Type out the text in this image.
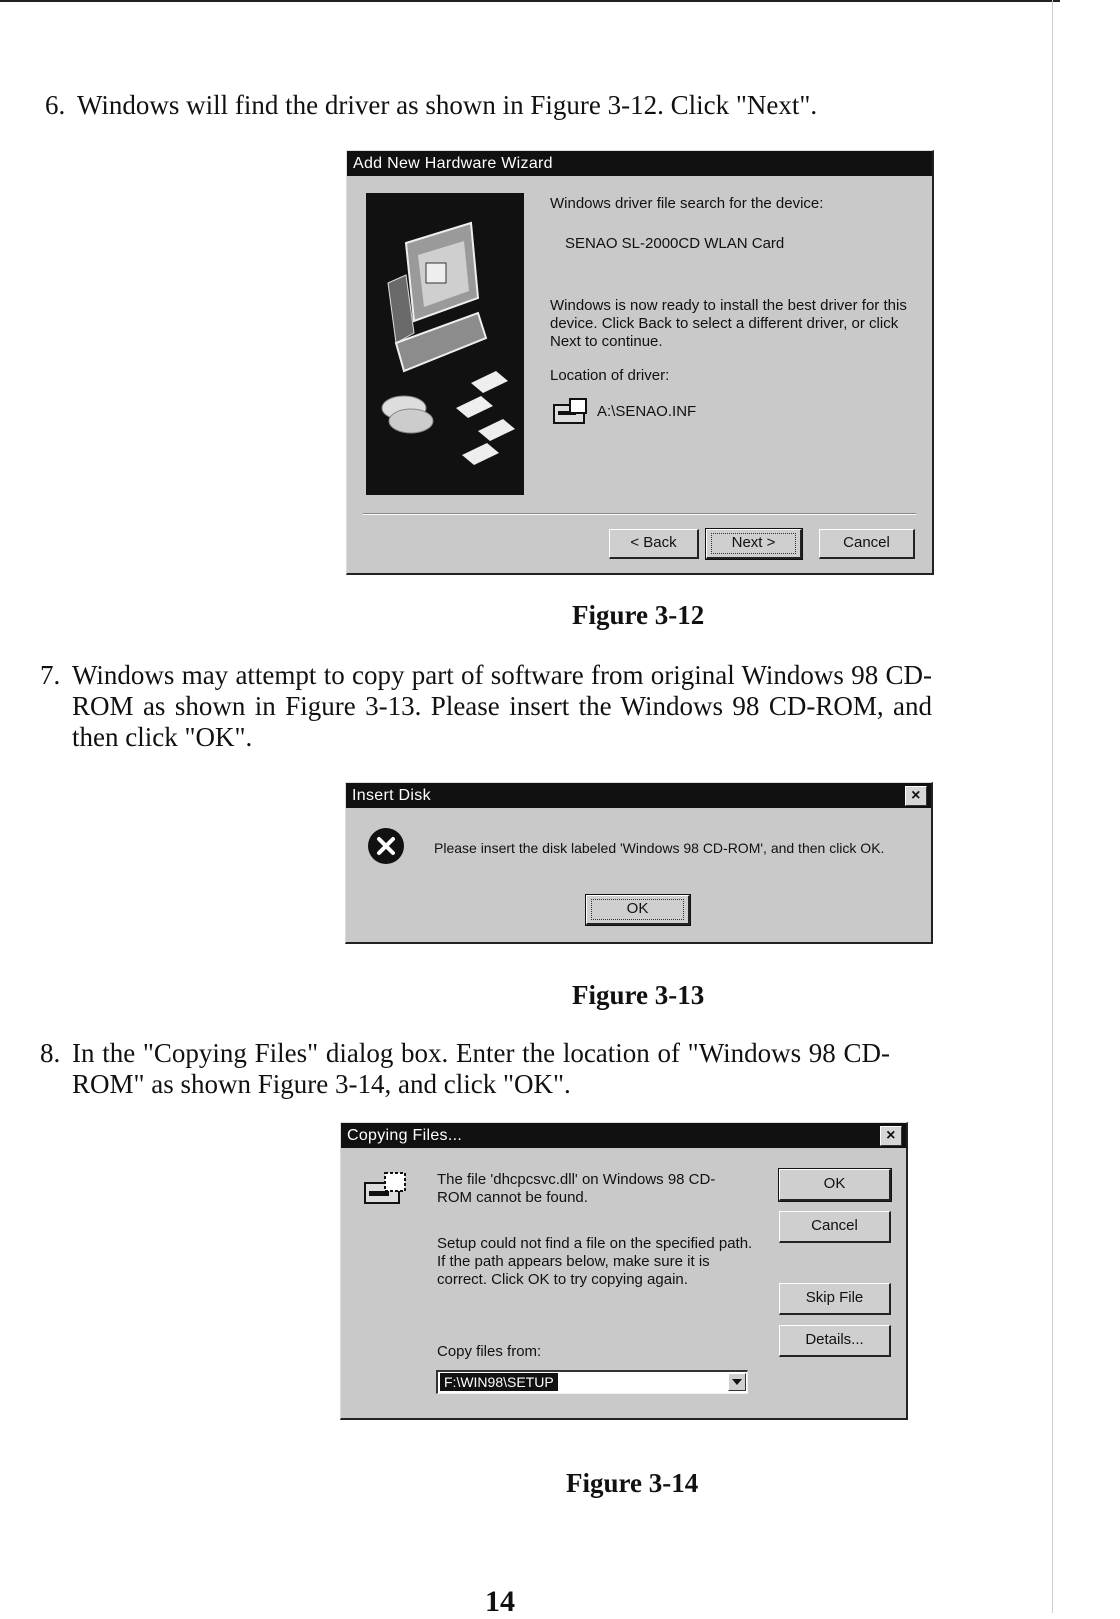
6. Windows will find the driver as shown in Figure 3-12. Click "Next".
Add New Hardware Wizard

Windows driver file search for the device:

SENAO SL-2000CD WLAN Card

Windows is now ready to install the best driver for this device. Click Back to select a different driver, or click Next to continue.

Location of driver:

A:\SENAO.INF

< Back	Next >	Cancel
Figure 3-12
7. Windows may attempt to copy part of software from original Windows 98 CD-ROM as shown in Figure 3-13. Please insert the Windows 98 CD-ROM, and then click "OK".
Insert Disk	×

Please insert the disk labeled 'Windows 98 CD-ROM', and then click OK.

OK
Figure 3-13
8. In the "Copying Files" dialog box. Enter the location of "Windows 98 CD-ROM" as shown Figure 3-14, and click "OK".
Copying Files...	×

The file 'dhcpcsvc.dll' on Windows 98 CD-ROM cannot be found.

Setup could not find a file on the specified path. If the path appears below, make sure it is correct. Click OK to try copying again.

Copy files from:

F:\WIN98\SETUP
OK
Cancel
Skip File
Details...
Figure 3-14
14
